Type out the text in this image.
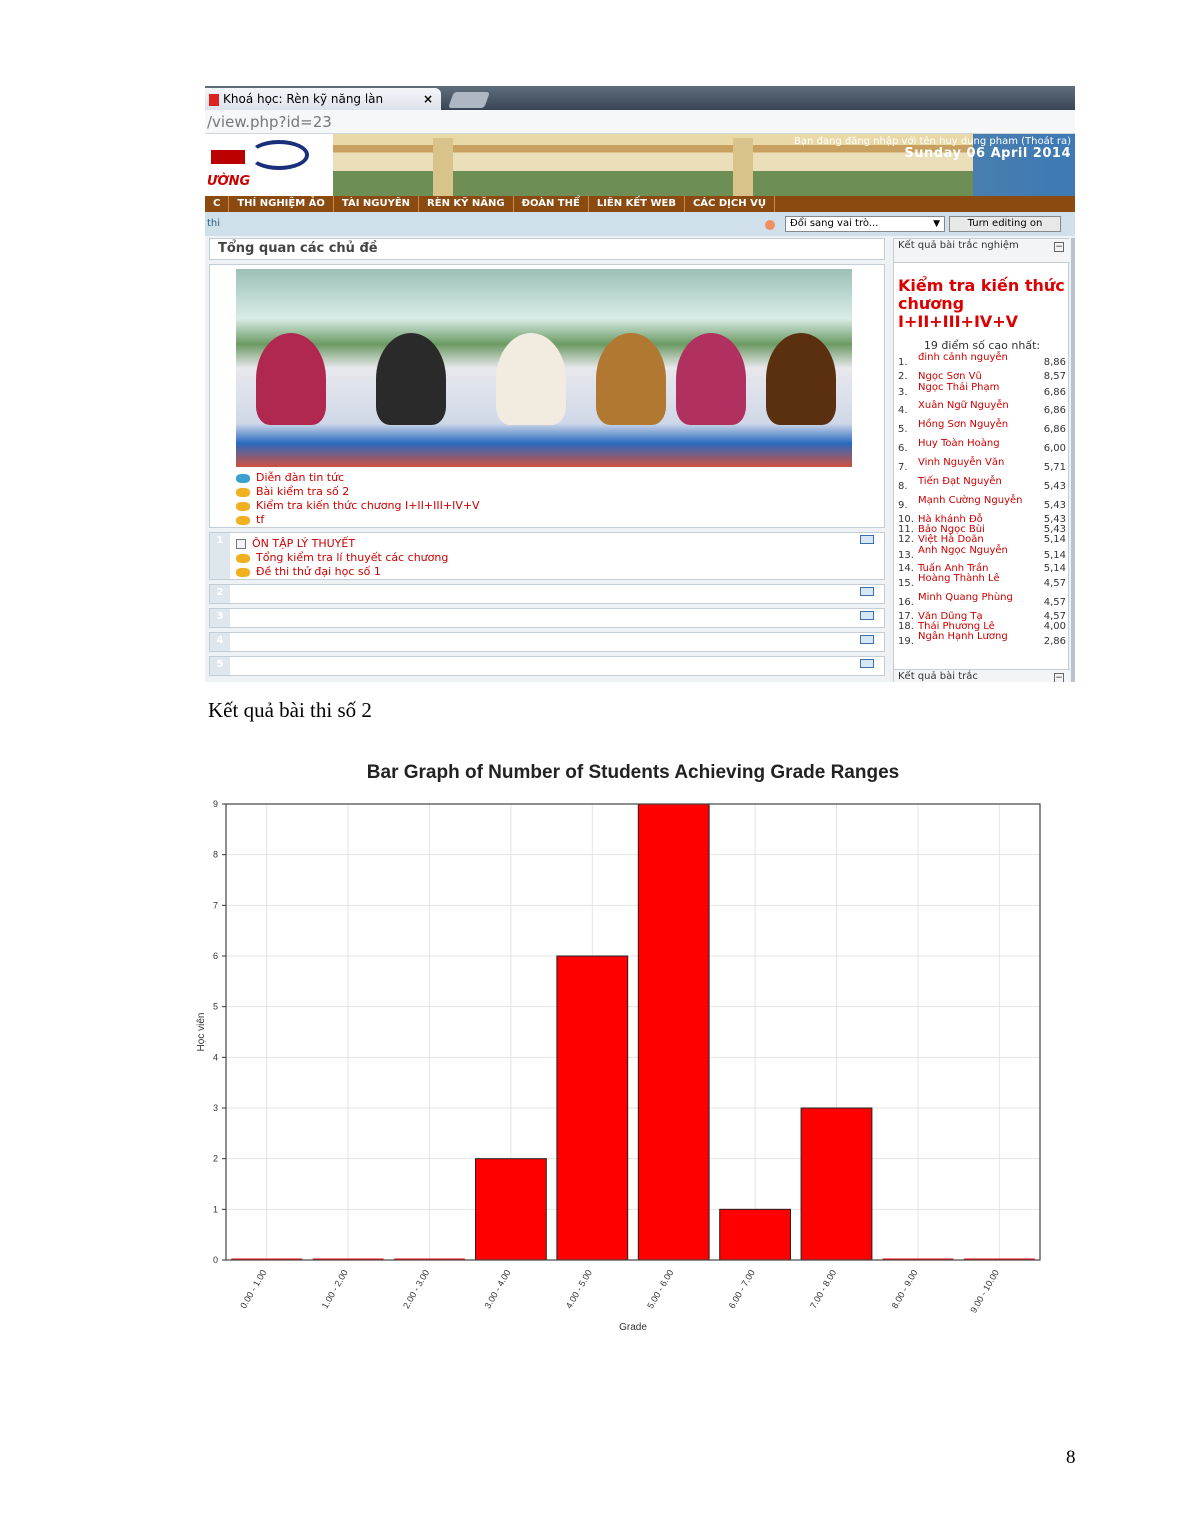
Khoá học: Rèn kỹ năng làn	×
/view.php?id=23
ƯỜNG
Bạn đang đăng nhập với tên huy dung pham (Thoát ra)
Sunday 06 April 2014
C THÍ NGHIỆM ẢO TÀI NGUYÊN RÈN KỸ NĂNG ĐOÀN THỂ LIÊN KẾT WEB CÁC DỊCH VỤ
thi	Đổi sang vai trò... ▼	Turn editing on
Tổng quan các chủ đề
Diễn đàn tin tức
Bài kiểm tra số 2
Kiểm tra kiến thức chương I+II+III+IV+V
tf
1	ÔN TẬP LÝ THUYẾT
Tổng kiểm tra lí thuyết các chương
Đề thi thử đại học số 1
2
3
4
5
Kết quả bài trắc nghiệm	−
Kiểm tra kiến thức chương I+II+III+IV+V
19 điểm số cao nhất:
1. đinh cảnh nguyễn	8,86
2. Ngọc Sơn Vũ	8,57
3. Ngọc Thái Phạm	6,86
4. Xuân Ngữ Nguyễn	6,86
5. Hồng Sơn Nguyễn	6,86
6. Huy Toàn Hoàng	6,00
7. Vinh Nguyễn Văn	5,71
8. Tiến Đạt Nguyễn	5,43
9. Mạnh Cường Nguyễn 5,43
10. Hà khánh Đỗ	5,43
11. Bảo Ngọc Bùi	5,43
12. Việt Hà Doãn	5,14
13. Anh Ngọc Nguyễn	5,14
14. Tuấn Anh Trần	5,14
15. Hoàng Thành Lê	4,57
16. Minh Quang Phùng	4,57
17. Văn Dũng Tạ	4,57
18. Thái Phương Lê	4,00
19. Ngân Hạnh Lương	2,86
Kết quả bài trắc	−
Kết quả bài thi số 2
Bar Graph of Number of Students Achieving Grade Ranges
0
1
2
3
4
5
6
7
8
9
0.00 - 1.00	1.00 - 2.00	2.00 - 3.00	3.00 - 4.00	4.00 - 5.00	5.00 - 6.00	6.00 - 7.00	7.00 - 8.00	8.00 - 9.00	9.00 - 10.00
Grade
Học viên
8
